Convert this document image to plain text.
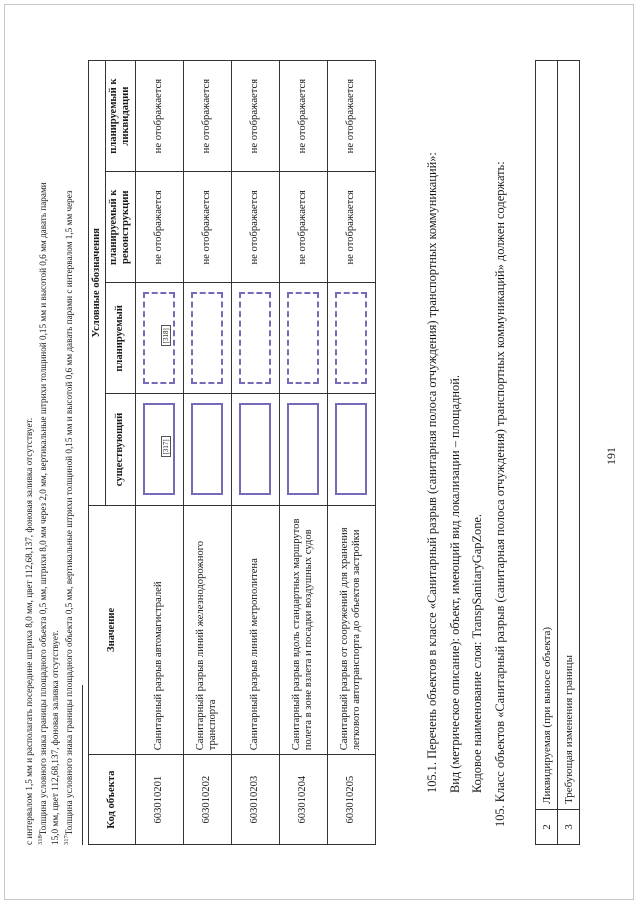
191
2	Ликвидируемая (при выносе объекта)
3	Требующая изменения границы
105. Класс объектов «Санитарный разрыв (санитарная полоса отчуждения) транспортных коммуникаций» должен содержать:
Кодовое наименование слоя: TranspSanitaryGapZone.
Вид (метрическое описание): объект, имеющий вид локализации – площадной.
105.1. Перечень объектов в классе «Санитарный разрыв (санитарная полоса отчуждения) транспортных коммуникаций»:
Код объекта	Значение	Условные обозначения			
		существующий	планируемый	планируемый к реконструкции	планируемый к ликвидации
603010201	Санитарный разрыв автомагистралей	[317]	[318]	не отображается	не отображается
603010202	Санитарный разрыв линий железнодорожного транспорта			не отображается	не отображается
603010203	Санитарный разрыв линий метрополитена			не отображается	не отображается
603010204	Санитарный разрыв вдоль стандартных маршрутов полета в зоне взлета и посадки воздушных судов			не отображается	не отображается
603010205	Санитарный разрыв от сооружений для хранения легкового автотранспорта до объектов застройки			не отображается	не отображается
$^{317}$Толщина условного знака границы площадного объекта 0,5 мм, вертикальные штрихи толщиной 0,15 мм и высотой 0,6 мм давать парами с интервалом 1,5 мм через
15,0 мм, цвет 112,68,137, фоновая заливка отсутствует.
$^{318}$Толщина условного знака границы площадного объекта 0,5 мм, штрихи 8,0 мм через 2,0 мм, вертикальные штрихи толщиной 0,15 мм и высотой 0,6 мм давать парами
с интервалом 1,5 мм и располагать посередине штриха 8,0 мм, цвет 112,68,137, фоновая заливка отсутствует.
